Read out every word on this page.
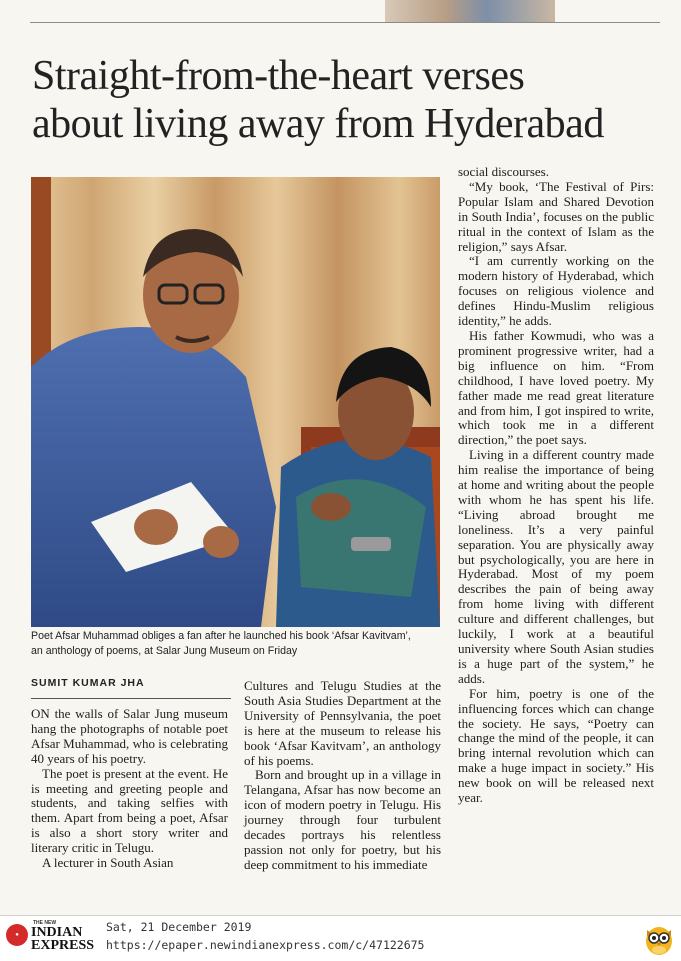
Straight-from-the-heart verses
about living away from Hyderabad
Poet Afsar Muhammad obliges a fan after he launched his book ‘Afsar Kavitvam’,
an anthology of poems, at Salar Jung Museum on Friday
SUMIT KUMAR JHA

ON the walls of Salar Jung museum hang the photographs of notable poet Afsar Muhammad, who is celebrating 40 years of his poetry.

The poet is present at the event. He is meeting and greeting people and students, and taking selfies with them. Apart from being a poet, Afsar is also a short story writer and literary critic in Telugu.

A lecturer in South Asian

Cultures and Telugu Studies at the South Asia Studies Department at the University of Pennsylvania, the poet is here at the museum to release his book ‘Afsar Kavitvam’, an anthology of his poems.

Born and brought up in a village in Telangana, Afsar has now become an icon of modern poetry in Telugu. His journey through four turbulent decades portrays his relentless passion not only for poetry, but his deep commitment to his immediate

social discourses.

“My book, ‘The Festival of Pirs: Popular Islam and Shared Devotion in South India’, focuses on the public ritual in the context of Islam as the religion,” says Afsar.

“I am currently working on the modern history of Hyderabad, which focuses on religious violence and defines Hindu-Muslim religious identity,” he adds.

His father Kowmudi, who was a prominent progressive writer, had a big influence on him. “From childhood, I have loved poetry. My father made me read great literature and from him, I got inspired to write, which took me in a different direction,” the poet says.

Living in a different country made him realise the importance of being at home and writing about the people with whom he has spent his life. “Living abroad brought me loneliness. It’s a very painful separation. You are physically away but psychologically, you are here in Hyderabad. Most of my poem describes the pain of being away from home living with different culture and different challenges, but luckily, I work at a beautiful university where South Asian studies is a huge part of the system,” he adds.

For him, poetry is one of the influencing forces which can change the society. He says, “Poetry can change the mind of the people, it can bring internal revolution which can make a huge impact in society.” His new book on will be released next year.

●
THE NEW
INDIAN
EXPRESS
Sat, 21 December 2019
https://epaper.newindianexpress.com/c/47122675
